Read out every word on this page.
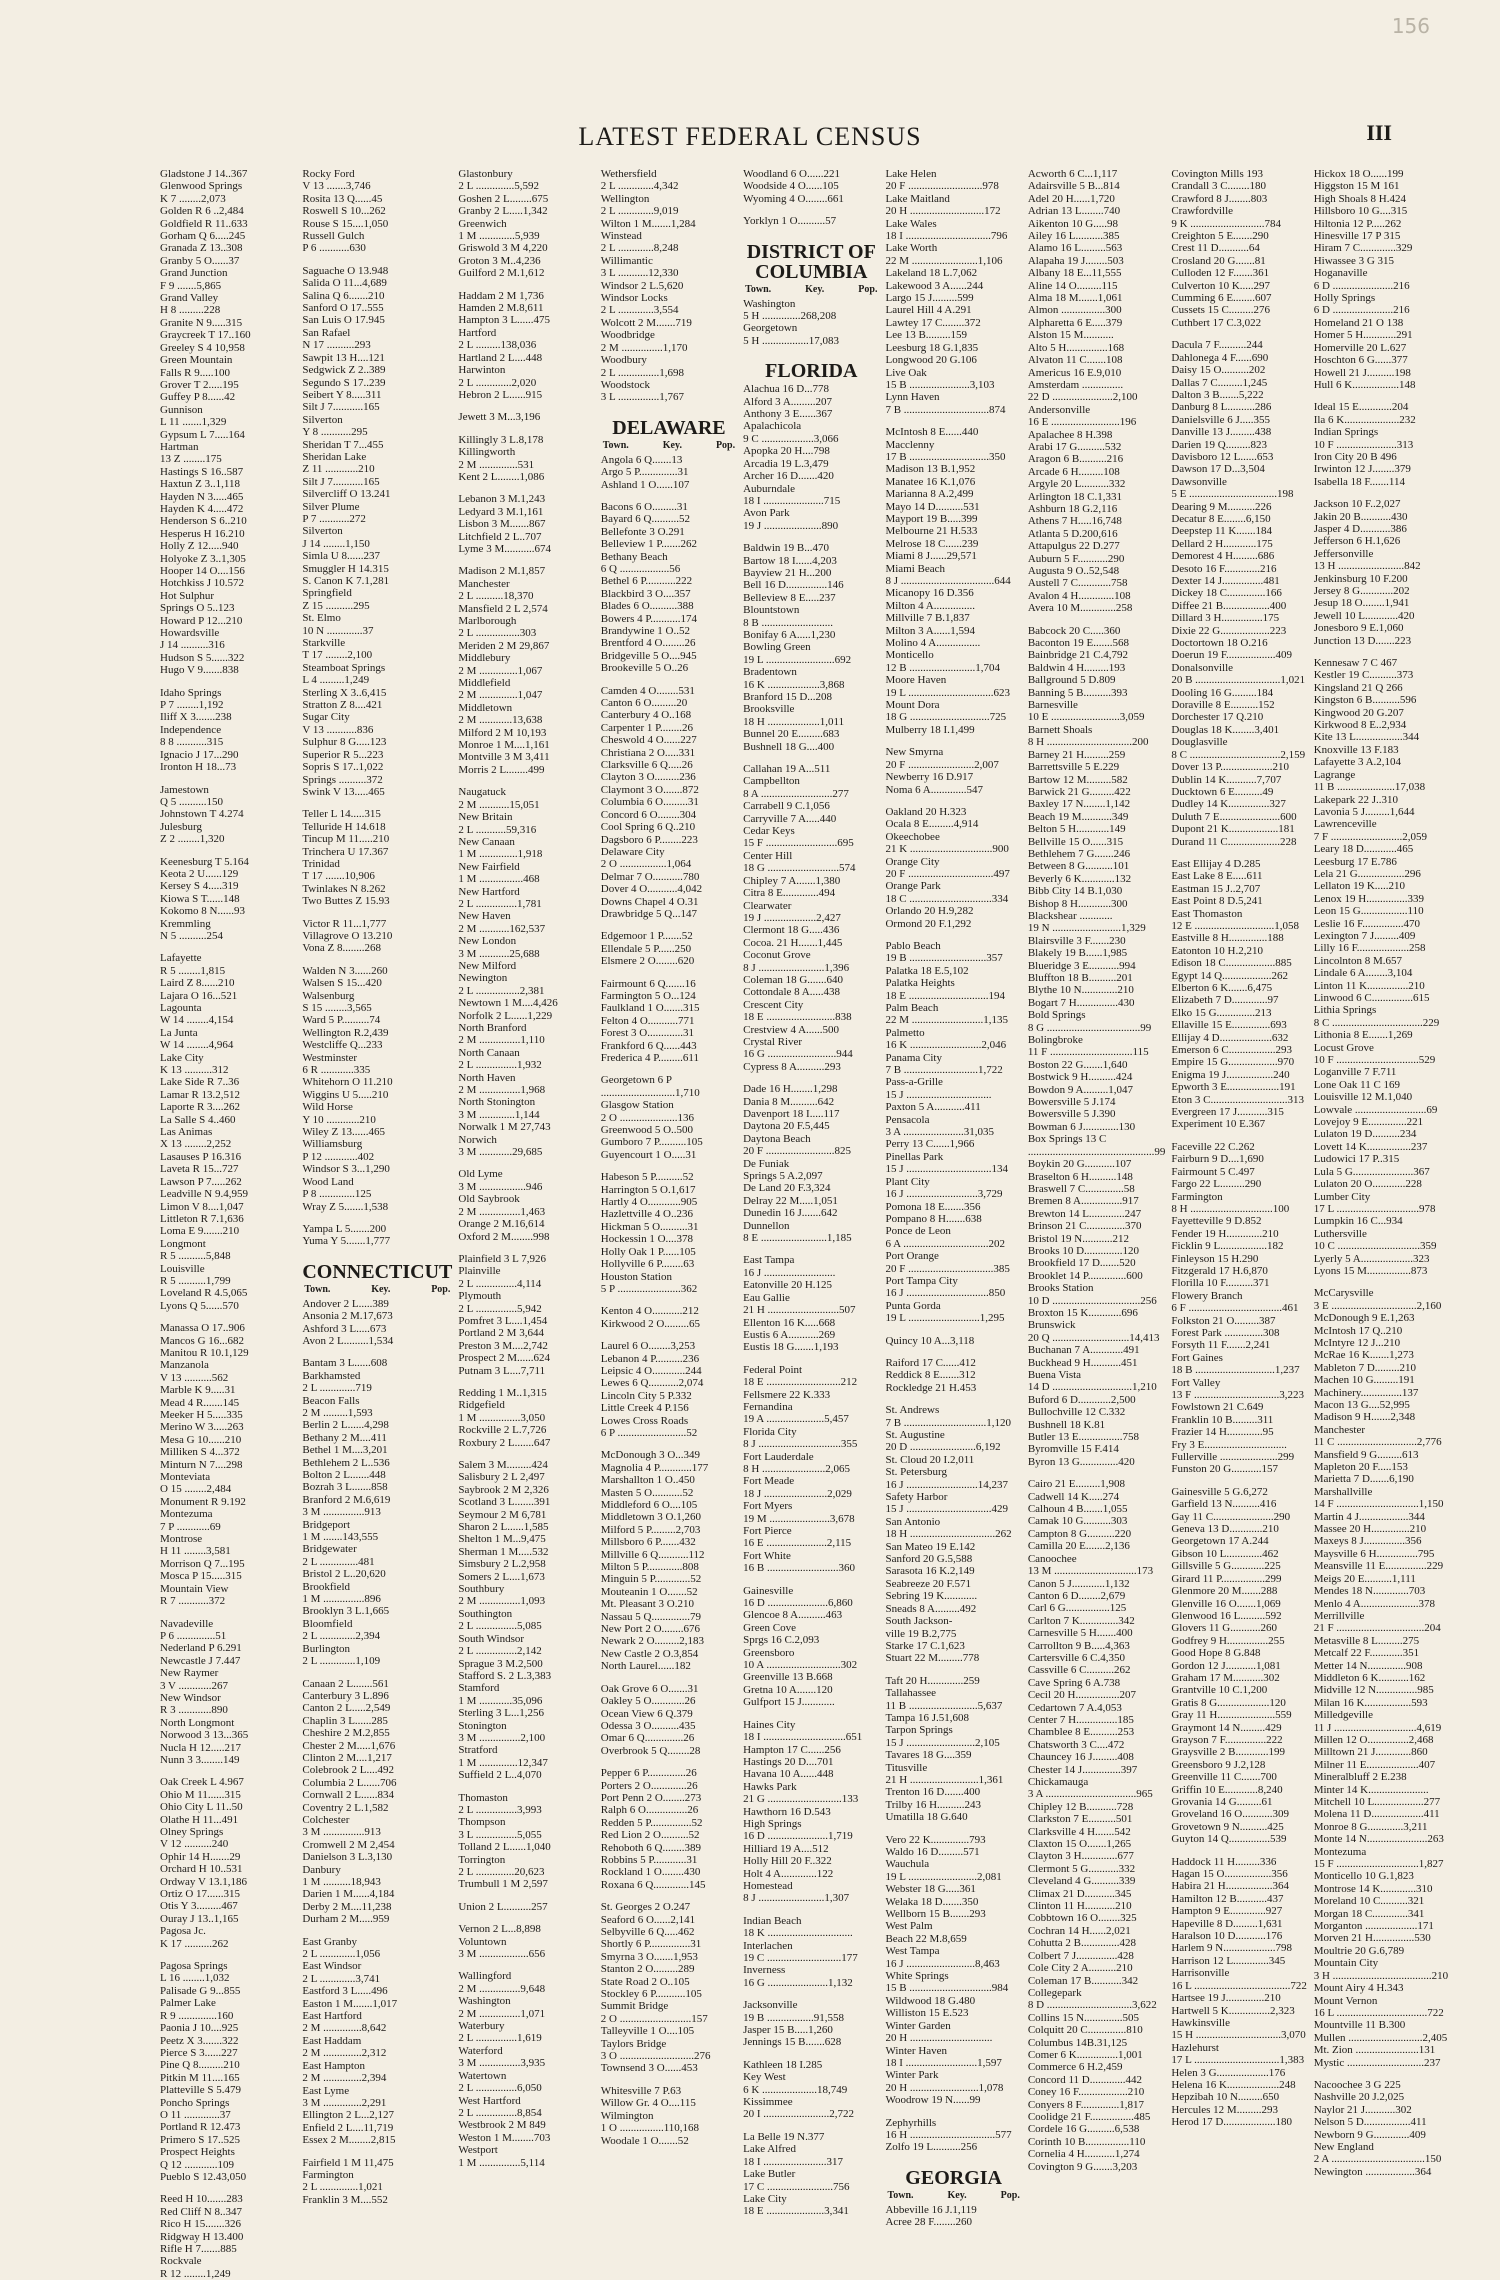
156
LATEST FEDERAL CENSUS	III
Gladstone J 14..367
Glenwood Springs
K 7 ........2,073
Golden R 6 ..2,484
Goldfield R 11..633
Gorham Q 6.....245
Granada Z 13..308
Granby 5 O......37
Grand Junction
F 9 .......5,865
Grand Valley
H 8 .........228
Granite N 9.....315
Graycreek T 17..160
Greeley S 4 10,958
Green Mountain
Falls R 9.....100
Grover T 2.....195
Guffey P 8......42
Gunnison
L 11 .......1,329
Gypsum L 7.....164
Hartman
13 Z ........175
Hastings S 16..587
Haxtun Z 3..1,118
Hayden N 3.....465
Hayden K 4.....472
Henderson S 6..210
Hesperus H 16.210
Holly Z 12.....940
Holyoke Z 3..1,305
Hooper 14 O....156
Hotchkiss J 10.572
Hot Sulphur
Springs O 5..123
Howard P 12...210
Howardsville
J 14 ..........316
Hudson S 5......322
Hugo V 9.......838
Idaho Springs
P 7 ........1,192
Iliff X 3.......238
Independence
8 8 ...........315
Ignacio J 17...290
Ironton H 18...73
Jamestown
Q 5 ..........150
Johnstown T 4.274
Julesburg
Z 2 ........1,320
Keenesburg T 5.164
Keota 2 U......129
Kersey S 4.....319
Kiowa S T......148
Kokomo 8 N......93
Kremmling
N 5 ..........254
Lafayette
R 5 ........1,815
Laird Z 8......210
Lajara O 16...521
Lagounta
W 14 ........4,154
La Junta
W 14 ........4,964
Lake City
K 13 ..........312
Lake Side R 7..36
Lamar R 13.2,512
Laporte R 3....262
La Salle S 4..460
Las Animas
X 13 ........2,252
Lasauses P 16.316
Laveta R 15...727
Lawson P 7.....262
Leadville N 9.4,959
Limon V 8....1,047
Littleton R 7.1,636
Loma E 9.......210
Longmont
R 5 ..........5,848
Louisville
R 5 ..........1,799
Loveland R 4.5,065
Lyons Q 5......570
Manassa O 17..906
Mancos G 16...682
Manitou R 10.1,129
Manzanola
V 13 ..........562
Marble K 9.....31
Mead 4 R.......145
Meeker H 5.....335
Merino W 3.....263
Mesa G 10......210
Milliken S 4...372
Minturn N 7....298
Monteviata
O 15 ........2,484
Monument R 9.192
Montezuma
7 P ............69
Montrose
H 11 ........3,581
Morrison Q 7...195
Mosca P 15.....315
Mountain View
R 7 ...........372
Navadeville
P 6 ..............51
Nederland P 6.291
Newcastle J 7.447
New Raymer
3 V ............267
New Windsor
R 3 ............890
North Longmont
Norwood 3 13...365
Nucla H 12.....217
Nunn 3 3........149
Oak Creek L 4.967
Ohio M 11......315
Ohio City L 11..50
Olathe H 11...491
Olney Springs
V 12 ..........240
Ophir 14 H.......29
Orchard H 10..531
Ordway V 13.1,186
Ortiz O 17......315
Otis Y 3.........467
Ouray J 13..1,165
Pagosa Jc.
K 17 ..........262
Pagosa Springs
L 16 ........1,032
Palisade G 9...855
Palmer Lake
R 9 ..............160
Paonia J 10....925
Peetz X 3.......322
Pierce S 3......227
Pine Q 8.........210
Pitkin M 11....165
Platteville S 5.479
Poncho Springs
O 11 .............37
Portland R 12.473
Primero S 17..525
Prospect Heights
Q 12 ............109
Pueblo S 12.43,050
Reed H 10.......283
Red Cliff N 8..347
Rico H 15.......326
Ridgway H 13.400
Rifle H 7.......885
Rockvale
R 12 ........1,249
Rocky Ford
V 13 .......3,746
Rosita 13 Q......45
Roswell S 10...262
Rouse S 15....1,050
Russell Gulch
P 6 ...........630
Saguache O 13.948
Salida O 11...4,689
Salina Q 6.......210
Sanford O 17..555
San Luis O 17.945
San Rafael
N 17 ..........293
Sawpit 13 H....121
Sedgwick Z 2..389
Segundo S 17..239
Seibert Y 8.....311
Silt J 7...........165
Silverton
Y 8 ...........295
Sheridan T 7...455
Sheridan Lake
Z 11 ............210
Silt J 7...........165
Silvercliff O 13.241
Silver Plume
P 7 ...........272
Silverton
J 14 ........1,150
Simla U 8......237
Smuggler H 14.315
S. Canon K 7.1,281
Springfield
Z 15 ..........295
St. Elmo
10 N .............37
Starkville
T 17 ........2,100
Steamboat Springs
L 4 .........1,249
Sterling X 3..6,415
Stratton Z 8....421
Sugar City
V 13 ...........836
Sulphur 8 G.....123
Superior R 5...223
Sopris S 17..1,022
Springs ..........372
Swink V 13.....465
Teller L 14.....315
Telluride H 14.618
Tincup M 11.....210
Trinchera U 17.367
Trinidad
T 17 .......10,906
Twinlakes N 8.262
Two Buttes Z 15.93
Victor R 11...1,777
Villagrove O 13.210
Vona Z 8........268
Walden N 3......260
Walsen S 15...420
Walsenburg
S 15 ........3,565
Ward 5 P..........74
Wellington R.2,439
Westcliffe Q...233
Westminster
6 R ............335
Whitehorn O 11.210
Wiggins U 5.....210
Wild Horse
Y 10 ............210
Wiley Z 13......465
Williamsburg
P 12 ............402
Windsor S 3...1,290
Wood Land
P 8 .............125
Wray Z 5.......1,538
Yampa L 5.......200
Yuma Y 5.......1,777
CONNECTICUT
Town.	Key.	Pop.
Andover 2 L.....389
Ansonia 2 M.17,673
Ashford 3 L.....673
Avon 2 L.........1,534
Bantam 3 L......608
Barkhamsted
2 L .............719
Beacon Falls
2 M .........1,593
Berlin 2 L......4,298
Bethany 2 M....411
Bethel 1 M....3,201
Bethlehem 2 L..536
Bolton 2 L.......448
Bozrah 3 L.......858
Branford 2 M.6,619
3 M ...............913
Bridgeport
1 M .......143,555
Bridgewater
2 L ..............481
Bristol 2 L..20,620
Brookfield
1 M ...............896
Brooklyn 3 L.1,665
Bloomfield
2 L .............2,394
Burlington
2 L .............1,109
Canaan 2 L.......561
Canterbury 3 L.896
Canton 2 L.....2,549
Chaplin 3 L......285
Cheshire 2 M.2,855
Chester 2 M.....1,676
Clinton 2 M....1,217
Colebrook 2 L....492
Columbia 2 L......706
Cornwall 2 L......834
Coventry 2 L.1,582
Colchester
3 M ...............913
Cromwell 2 M 2,454
Danielson 3 L.3,130
Danbury
1 M ..........18,943
Darien 1 M......4,184
Derby 2 M....11,238
Durham 2 M.....959
East Granby
2 L .............1,056
East Windsor
2 L .............3,741
Eastford 3 L.....496
Easton 1 M.......1,017
East Hartford
2 M ..............8,642
East Haddam
2 M ..............2,312
East Hampton
2 M ..............2,394
East Lyme
3 M ..............2,291
Ellington 2 L...2,127
Enfield 2 L....11,719
Essex 2 M........2,815
Fairfield 1 M 11,475
Farmington
2 L ..............1,021
Franklin 3 M....552
Glastonbury
2 L ..............5,592
Goshen 2 L........675
Granby 2 L.....1,342
Greenwich
1 M .............5,939
Griswold 3 M 4,220
Groton 3 M..4,236
Guilford 2 M.1,612
Haddam 2 M 1,736
Hamden 2 M.8,611
Hampton 3 L......475
Hartford
2 L .........138,036
Hartland 2 L....448
Harwinton
2 L .............2,020
Hebron 2 L......915
Jewett 3 M...3,196
Killingly 3 L.8,178
Killingworth
2 M ..............531
Kent 2 L........1,086
Lebanon 3 M.1,243
Ledyard 3 M.1,161
Lisbon 3 M.......867
Litchfield 2 L..707
Lyme 3 M...........674
Madison 2 M.1,857
Manchester
2 L ..........18,370
Mansfield 2 L 2,574
Marlborough
2 L ................303
Meriden 2 M 29,867
Middlebury
2 M ..............1,067
Middlefield
2 M ..............1,047
Middletown
2 M ............13,638
Milford 2 M 10,193
Monroe 1 M....1,161
Montville 3 M 3,411
Morris 2 L........499
Naugatuck
2 M ...........15,051
New Britain
2 L ...........59,316
New Canaan
1 M ..............1,918
New Fairfield
1 M ................468
New Hartford
2 L ...............1,781
New Haven
2 M ...........162,537
New London
3 M ...........25,688
New Milford
Newington
2 L ................2,381
Newtown 1 M....4,426
Norfolk 2 L......1,229
North Branford
2 M ...............1,110
North Canaan
2 L ...............1,932
North Haven
2 M ...............1,968
North Stonington
3 M .............1,144
Norwalk 1 M 27,743
Norwich
3 M ............29,685
Old Lyme
3 M .................946
Old Saybrook
2 M ...............1,463
Orange 2 M.16,614
Oxford 2 M........998
Plainfield 3 L 7,926
Plainville
2 L ...............4,114
Plymouth
2 L ...............5,942
Pomfret 3 L....1,454
Portland 2 M 3,644
Preston 3 M....2,742
Prospect 2 M......624
Putnam 3 L....7,711
Redding 1 M..1,315
Ridgefield
1 M ...............3,050
Rockville 2 L.7,726
Roxbury 2 L.......647
Salem 3 M.........424
Salisbury 2 L 2,497
Saybrook 2 M 2,326
Scotland 3 L.......391
Seymour 2 M 6,781
Sharon 2 L......1,585
Shelton 1 M...9,475
Sherman 1 M.....532
Simsbury 2 L.2,958
Somers 2 L....1,673
Southbury
2 M ...............1,093
Southington
2 L ...............5,085
South Windsor
2 L ...............2,142
Sprague 3 M.2,500
Stafford S. 2 L.3,383
Stamford
1 M ............35,096
Sterling 3 L...1,256
Stonington
3 M ...............2,100
Stratford
1 M ..............12,347
Suffield 2 L..4,070
Thomaston
2 L ...............3,993
Thompson
3 L ...............5,055
Tolland 2 L......1,040
Torrington
2 L ..............20,623
Trumbull 1 M 2,597
Union 2 L..........257
Vernon 2 L...8,898
Voluntown
3 M ..................656
Wallingford
2 M ...............9,648
Washington
2 M ...............1,071
Waterbury
2 L ...............1,619
Waterford
3 M ...............3,935
Watertown
2 L ...............6,050
West Hartford
2 L ...............8,854
Westbrook 2 M 849
Weston 1 M........703
Westport
1 M ...............5,114
Wethersfield
2 L .............4,342
Wellington
2 L .............9,019
Wilton 1 M.......1,284
Winstead
2 L .............8,248
Willimantic
3 L ...........12,330
Windsor 2 L.5,620
Windsor Locks
2 L .............3,554
Wolcott 2 M.......719
Woodbridge
2 M ...............1,170
Woodbury
2 L ...............1,698
Woodstock
3 L ...............1,767
DELAWARE
Town.	Key.	Pop.
Angola 6 Q.......13
Argo 5 P..............31
Ashland 1 O......107
Bacons 6 O.........31
Bayard 6 Q..........52
Bellefonte 3 O.291
Belleview 1 P.......262
Bethany Beach
6 Q ..................56
Bethel 6 P...........222
Blackbird 3 O....357
Blades 6 O..........388
Bowers 4 P...........174
Brandywine 1 O..52
Brentford 4 O........26
Bridgeville 5 O....945
Brookeville 5 O..26
Camden 4 O........531
Canton 6 O.........20
Canterbury 4 O..168
Carpenter 1 P........26
Cheswold 4 O......227
Christiana 2 O.....331
Clarksville 6 Q.....26
Clayton 3 O.........236
Claymont 3 O.......872
Columbia 6 O.........31
Concord 6 O........304
Cool Spring 6 Q..210
Dagsboro 6 P........223
Delaware City
2 O .................1,064
Delmar 7 O...........780
Dover 4 O...........4,042
Downs Chapel 4 O.31
Drawbridge 5 Q...147
Edgemoor 1 P.......52
Ellendale 5 P......250
Elsmere 2 O........620
Fairmount 6 Q.......16
Farmington 5 O...124
Faulkland 1 O.......315
Felton 4 O...........771
Forest 3 O.............31
Frankford 6 Q......443
Frederica 4 P.........611
Georgetown 6 P
...........................1,710
Glasgow Station
2 O .....................136
Greenwood 5 O..500
Gumboro 7 P..........105
Guyencourt 1 O.....31
Habeson 5 P..........52
Harrington 5 O.1,617
Hartly 4 O............905
Hazlettville 4 O..236
Hickman 5 O..........31
Hockessin 1 O....378
Holly Oak 1 P......105
Hollyville 6 P........63
Houston Station
5 P .......................362
Kenton 4 O...........212
Kirkwood 2 O.........65
Laurel 6 O........3,253
Lebanon 4 P..........236
Leipsic 4 O............244
Lewes 6 Q...........2,074
Lincoln City 5 P.332
Little Creek 4 P.156
Lowes Cross Roads
6 P .........................52
McDonough 3 O...349
Magnolia 4 P............177
Marshallton 1 O..450
Masten 5 O...........52
Middleford 6 O....105
Middletown 3 O.1,260
Milford 5 P.........2,703
Millsboro 6 P.......432
Millville 6 Q...........112
Milton 5 P.............808
Minguin 5 P.............52
Mouteanin 1 O.......52
Mt. Pleasant 3 O.210
Nassau 5 Q..............79
New Port 2 O........676
Newark 2 O.........2,183
New Castle 2 O.3,854
North Laurel......182
Oak Grove 6 O.......31
Oakley 5 O............26
Ocean View 6 Q.379
Odessa 3 O..........435
Omar 6 Q..............26
Overbrook 5 Q........28
Pepper 6 P..............26
Porters 2 O.............26
Port Penn 2 O........273
Ralph 6 O...............26
Redden 5 P...............52
Red Lion 2 O..........52
Rehoboth 6 Q........389
Robbins 5 P............31
Rockland 1 O........430
Roxana 6 Q.............145
St. Georges 2 O.247
Seaford 6 O......2,141
Selbyville 6 Q.....462
Shortly 6 P...............31
Smyrna 3 O.......1,953
Stanton 2 O.........289
State Road 2 O..105
Stockley 6 P...........105
Summit Bridge
2 O ..........................157
Talleyville 1 O....105
Taylors Bridge
3 O ...........................276
Townsend 3 O......453
Whitesville 7 P.63
Willow Gr. 4 O....115
Wilmington
1 O ................110,168
Woodale 1 O.......52
Woodland 6 O......221
Woodside 4 O......105
Wyoming 4 O........661
Yorklyn 1 O..........57
DISTRICT OF COLUMBIA
Town.	Key.	Pop.
Washington
5 H ..............268,208
Georgetown
5 H .................17,083
FLORIDA
Alachua 16 D...778
Alford 3 A.........207
Anthony 3 E......367
Apalachicola
9 C ...................3,066
Apopka 20 H....798
Arcadia 19 L.3,479
Archer 16 D.......420
Auburndale
18 I ......................715
Avon Park
19 J .....................890
Baldwin 19 B...470
Bartow 18 I......4,203
Bayview 21 H...200
Bell 16 D...............146
Belleview 8 E.....237
Blountstown
8 B ..........................
Bonifay 6 A.....1,230
Bowling Green
19 L .........................692
Bradentown
16 K ...................3,868
Branford 15 D...208
Brooksville
18 H ...................1,011
Bunnel 20 E.........683
Bushnell 18 G....400
Callahan 19 A...511
Campbellton
8 A ..........................277
Carrabell 9 C.1,056
Carryville 7 A.....440
Cedar Keys
15 F ..........................695
Center Hill
18 G ..........................574
Chipley 7 A.......1,380
Citra 8 E.............494
Clearwater
19 J ...................2,427
Clermont 18 G.....436
Cocoa. 21 H.......1,445
Coconut Grove
8 J ........................1,396
Coleman 18 G.......640
Cottondale 8 A.....438
Crescent City
18 E .........................838
Crestview 4 A......500
Crystal River
16 G .........................944
Cypress 8 A..........293
Dade 16 H........1,298
Dania 8 M..........642
Davenport 18 I.....117
Daytona 20 F.5,445
Daytona Beach
20 F .........................825
De Funiak
Springs 5 A.2,097
De Land 20 F.3,324
Delray 22 M.....1,051
Dunedin 16 J.......642
Dunnellon
8 E ........................1,185
East Tampa
16 J ..........................
Eatonville 20 H.125
Eau Gallie
21 H ..........................507
Ellenton 16 K.....668
Eustis 6 A...........269
Eustis 18 G.......1,193
Federal Point
18 E ...........................212
Fellsmere 22 K.333
Fernandina
19 A .....................5,457
Florida City
8 J ..............................355
Fort Lauderdale
8 H .......................2,065
Fort Meade
18 J .......................2,029
Fort Myers
19 M ......................3,678
Fort Pierce
16 E ......................2,115
Fort White
16 B ..........................360
Gainesville
16 D ......................6,860
Glencoe 8 A..........463
Green Cove
Sprgs 16 C.2,093
Greensboro
10 A ...........................302
Greenville 13 B.668
Gretna 10 A.......120
Gulfport 15 J............
Haines City
18 I ..............................651
Hampton 17 C......256
Hastings 20 D....701
Havana 10 A......448
Hawks Park
21 G ...........................133
Hawthorn 16 D.543
High Springs
16 D ......................1,719
Hilliard 19 A....512
Holly Hill 20 F..322
Holt 4 A.............122
Homestead
8 J ........................1,307
Indian Beach
18 K ...............................
Interlachen
19 C ...........................177
Inverness
16 G ......................1,132
Jacksonville
19 B .................91,558
Jasper 15 B.....1,260
Jennings 15 B.......628
Kathleen 18 I.285
Key West
6 K ....................18,749
Kissimmee
20 I ........................2,722
La Belle 19 N.377
Lake Alfred
18 I .......................317
Lake Butler
17 C ........................756
Lake City
18 E .....................3,341
Lake Helen
20 F ...........................978
Lake Maitland
20 H ...........................172
Lake Wales
18 I ...............................796
Lake Worth
22 M ........................1,106
Lakeland 18 L.7,062
Lakewood 3 A......244
Largo 15 J.........599
Laurel Hill 4 A.291
Lawtey 17 C........372
Lee 13 B.........159
Leesburg 18 G.1,835
Longwood 20 G.106
Live Oak
15 B ......................3,103
Lynn Haven
7 B ...............................874
McIntosh 8 E......440
Macclenny
17 B .............................350
Madison 13 B.1,952
Manatee 16 K.1,076
Marianna 8 A.2,499
Mayo 14 D..........531
Mayport 19 B.....399
Melbourne 21 H.533
Melrose 18 C......239
Miami 8 J......29,571
Miami Beach
8 J ..................................644
Micanopy 16 D.356
Milton 4 A...............
Millville 7 B.1,837
Milton 3 A......1,594
Molino 4 A................
Monticello
12 B ........................1,704
Moore Haven
19 L ...............................623
Mount Dora
18 G .............................725
Mulberry 18 I.1,499
New Smyrna
20 F ........................2,007
Newberry 16 D.917
Noma 6 A.............547
Oakland 20 H.323
Ocala 8 E.........4,914
Okeechobee
21 K ..............................900
Orange City
20 F ...............................497
Orange Park
18 C ..............................334
Orlando 20 H.9,282
Ormond 20 F.1,292
Pablo Beach
19 B ............................357
Palatka 18 E.5,102
Palatka Heights
18 E .............................194
Palm Beach
22 M ..........................1,135
Palmetto
16 K ..........................2,046
Panama City
7 B ...........................1,722
Pass-a-Grille
15 J ...............................
Paxton 5 A...........411
Pensacola
3 A ......................31,035
Perry 13 C......1,966
Pinellas Park
15 J ...............................134
Plant City
16 J ..........................3,729
Pomona 18 E.......356
Pompano 8 H.......638
Ponce de Leon
6 A ...............................202
Port Orange
20 F ...............................385
Port Tampa City
16 J ..............................850
Punta Gorda
19 L ..........................1,295
Quincy 10 A...3,118
Raiford 17 C......412
Reddick 8 E.......312
Rockledge 21 H.453
St. Andrews
7 B ..............................1,120
St. Augustine
20 D ........................6,192
St. Cloud 20 I.2,011
St. Petersburg
16 J ..........................14,237
Safety Harbor
15 J ...............................429
San Antonio
18 H ...............................262
San Mateo 19 E.142
Sanford 20 G.5,588
Sarasota 16 K.2,149
Seabreeze 20 F.571
Sebring 19 K............
Sneads 8 A.........492
South Jackson-
ville 19 B.2,775
Starke 17 C.1,623
Stuart 22 M.........778
Taft 20 H.............259
Tallahassee
11 B .........................5,637
Tampa 16 J.51,608
Tarpon Springs
15 J .........................2,105
Tavares 18 G....359
Titusville
21 H .........................1,361
Trenton 16 D.......400
Trilby 16 H..........243
Umatilla 18 G.640
Vero 22 K..............793
Waldo 16 D.........571
Wauchula
19 L .........................2,081
Webster 18 G.....361
Welaka 18 D.......350
Wellborn 15 B.......293
West Palm
Beach 22 M.8,659
West Tampa
16 J .........................8,463
White Springs
15 B ..............................984
Wildwood 18 G.480
Williston 15 E.523
Winter Garden
20 H ..............................
Winter Haven
18 I ..........................1,597
Winter Park
20 H .........................1,078
Woodrow 19 N......99
Zephyrhills
16 H ...............................577
Zolfo 19 L..........256
GEORGIA
Town.	Key.	Pop.
Abbeville 16 J.1,119
Acree 28 F........260
Acworth 6 C...1,117
Adairsville 5 B...814
Adel 20 H......1,720
Adrian 13 L........740
Aikenton 10 G.....98
Ailey 16 L..........385
Alamo 16 L.........563
Alapaha 19 J........503
Albany 18 E...11,555
Aline 14 O.........115
Alma 18 M.......1,061
Almon ................300
Alpharetta 6 E.....379
Alston 15 M...........
Alto 5 H...............168
Alvaton 11 C.......108
Americus 16 E.9,010
Amsterdam ...............
22 D ......................2,100
Andersonville
16 E .........................196
Apalachee 8 H.398
Arabi 17 G..........532
Aragon 6 B..........216
Arcade 6 H.........108
Argyle 20 L..........332
Arlington 18 C.1,331
Ashburn 18 G.2,116
Athens 7 H.....16,748
Atlanta 5 D.200,616
Attapulgus 22 D.277
Auburn 5 F...........290
Augusta 9 O..52,548
Austell 7 C............758
Avalon 4 H.............108
Avera 10 M.............258
Babcock 20 C.....360
Baconton 19 E.......568
Bainbridge 21 C.4,792
Baldwin 4 H.........193
Ballground 5 D.809
Banning 5 B..........393
Barnesville
10 E .........................3,059
Barnett Shoals
8 H ...............................200
Barney 21 H.........259
Barrettsville 5 E.229
Bartow 12 M.........582
Barwick 21 G.........422
Baxley 17 N........1,142
Beach 19 M...........349
Belton 5 H............149
Bellville 15 O......315
Bethlehem 7 G.......246
Between 8 G..........101
Beverly 6 K............132
Bibb City 14 B.1,030
Bishop 8 H............300
Blackshear ............
19 N .........................1,329
Blairsville 3 F.......230
Blakely 19 B......1,985
Blueridge 3 E...........994
Bluffton 18 B..........201
Blythe 10 N.............210
Bogart 7 H...............430
Bold Springs
8 G ..................................99
Bolingbroke
11 F ..............................115
Boston 22 G.......1,640
Bostwick 9 H..........424
Bowdon 9 A.........1,047
Bowersville 5 J.174
Bowersville 5 J.390
Bowman 6 J.............130
Box Springs 13 C
..............................................99
Boykin 20 G...........107
Braselton 6 H..........148
Braswell 7 C..............58
Bremen 8 A...............917
Brewton 14 L.............247
Brinson 21 C..............370
Bristol 19 N...........212
Brooks 10 D..............120
Brookfield 17 D.......520
Brooklet 14 P..............600
Brooks Station
10 D ................................256
Broxton 15 K............696
Brunswick
20 Q ............................14,413
Buchanan 7 A............491
Buckhead 9 H...........451
Buena Vista
14 D .............................1,210
Buford 6 D............2,500
Bullochville 12 C.332
Bushnell 18 K.81
Butler 13 E................758
Byromville 15 F.414
Byron 13 G..............420
Cairo 21 E.........1,908
Cadwell 14 K.....274
Calhoun 4 B.......1,055
Camak 10 G..........303
Campton 8 G..........220
Camilla 20 E.......2,136
Canoochee
13 M ..............................173
Canon 5 J............1,132
Canton 6 D........2,679
Carl 6 G................125
Carlton 7 K..............342
Carnesville 5 H.......400
Carrollton 9 B.....4,363
Cartersville 6 C.4,350
Cassville 6 C..........262
Cave Spring 6 A.738
Cecil 20 H................207
Cedartown 7 A.4,053
Center 7 H...............185
Chamblee 8 E..........253
Chatsworth 3 C....472
Chauncey 16 J.........408
Chester 14 J..............397
Chickamauga
3 A .................................965
Chipley 12 B...........728
Clarkston 7 E..........501
Clarksville 4 H.......542
Claxton 15 O.......1,265
Clayton 3 H.............677
Clermont 5 G...........332
Cleveland 4 G..........339
Climax 21 D...........345
Clinton 11 H...........210
Cobbtown 16 O........325
Cochran 14 H......2,021
Cohutta 2 B..............428
Colbert 7 J...............428
Cole City 2 A..........210
Coleman 17 B...........342
Collegepark
8 D ...............................3,622
Collins 15 N..............505
Colquitt 20 C..............810
Columbus 14B.31,125
Comer 6 K...............1,001
Commerce 6 H.2,459
Concord 11 D.............442
Coney 16 F..................210
Conyers 8 F..............1,817
Coolidge 21 F................485
Cordele 16 G..........6,538
Corinth 10 B................110
Cornelia 4 H...........1,274
Covington 9 G.......3,203
Covington Mills 193
Crandall 3 C........180
Crawford 8 J........803
Crawfordville
9 K ...........................784
Creighton 5 E.......290
Crest 11 D...........64
Crosland 20 G.......81
Culloden 12 F.......361
Culverton 10 K.....297
Cumming 6 E........607
Cussets 15 C.........276
Cuthbert 17 C.3,022
Dacula 7 F..........244
Dahlonega 4 F......690
Daisy 15 O..........202
Dallas 7 C.........1,245
Dalton 3 B.......5,222
Danburg 8 L..........286
Danielsville 6 J.....355
Danville 13 J.........438
Darien 19 Q.........823
Davisboro 12 L......653
Dawson 17 D...3,504
Dawsonville
5 E ................................198
Dearing 9 M..........226
Decatur 8 E........6,150
Deepstep 11 K.......184
Dellard 2 H............175
Demorest 4 H.........686
Desoto 16 F.............216
Dexter 14 J...............481
Dickey 18 C..............166
Diffee 21 B.................400
Dillard 3 H...............175
Dixie 22 G..................223
Doctortown 18 O.216
Doerun 19 F..................409
Donalsonville
20 B ...............................1,021
Dooling 16 G.........184
Doraville 8 E..........152
Dorchester 17 Q.210
Douglas 18 K........3,401
Douglasville
8 C .................................2,159
Dover 13 P...................210
Dublin 14 K...........7,707
Ducktown 6 E..........49
Dudley 14 K...............327
Duluth 7 E......................600
Dupont 21 K..................181
Durand 11 C...................228
East Ellijay 4 D.285
East Lake 8 E.....611
Eastman 15 J..2,707
East Point 8 D.5,241
East Thomaston
12 E .............................1,058
Eastville 8 H..............188
Eatonton 10 H.2,210
Edison 18 C..................885
Egypt 14 Q..................262
Elberton 6 K.......6,475
Elizabeth 7 D.............97
Elko 15 G..............213
Ellaville 15 E..............693
Ellijay 4 D...................632
Emerson 6 C.................293
Empire 15 G..................970
Enigma 19 J.................240
Epworth 3 E...................191
Eton 3 C............................313
Evergreen 17 J...........315
Experiment 10 E.367
Faceville 22 C.262
Fairburn 9 D....1,690
Fairmount 5 C.497
Fargo 22 L.........290
Farmington
8 H ..............................100
Fayetteville 9 D.852
Fender 19 H.............210
Ficklin 9 L.................182
Finleyson 15 H.290
Fitzgerald 17 H.6,870
Florilla 10 F..........371
Flowery Branch
6 F ..................................461
Folkston 21 O.........387
Forest Park ..............308
Forsyth 11 F.......2,241
Fort Gaines
18 B .............................1,237
Fort Valley
13 F ...............................3,223
Fowlstown 21 C.649
Franklin 10 B.........311
Frazier 14 H.............95
Fry 3 E..............................
Fullerville .....................299
Funston 20 G...........157
Gainesville 5 G.6,272
Garfield 13 N..........416
Gay 11 C......................290
Geneva 13 D............210
Georgetown 17 A.244
Gibson 10 L.............462
Gillsville 5 G............225
Girard 11 P................299
Glenmore 20 M.......288
Glenville 16 O.......1,069
Glenwood 16 L.........592
Glovers 11 G...........260
Godfrey 9 H...............255
Good Hope 8 G.848
Gordon 12 J...........1,081
Graham 17 M...........302
Grantville 10 C.1,200
Gratis 8 G...................120
Gray 11 H.....................559
Graymont 14 N.........429
Grayson 7 F...............222
Graysville 2 B............199
Greensboro 9 J.2,128
Greenville 11 C.......700
Griffin 10 E............8,240
Grovania 14 G.........61
Groveland 16 O...........309
Grovetown 9 N..........425
Guyton 14 Q...............539
Haddock 11 H.........336
Hagan 15 O.................356
Habira 21 H.................364
Hamilton 12 B...........437
Hampton 9 E.............927
Hapeville 8 D.........1,631
Haralson 10 D...........176
Harlem 9 N...................798
Harrison 12 L.............345
Harrisonville
16 L ...................................722
Hartsee 19 J..............210
Hartwell 5 K...............2,323
Hawkinsville
15 H ...............................3,070
Hazlehurst
17 L ...............................1,383
Helen 3 G...................176
Helena 16 K...................248
Hepzibah 10 N.........650
Hercules 12 M.........293
Herod 17 D...................180
Hickox 18 O......199
Higgston 15 M 161
High Shoals 8 H.424
Hillsboro 10 G....315
Hiltonia 12 P.....262
Hinesville 17 P 315
Hiram 7 C.............329
Hiwassee 3 G 315
Hoganaville
6 D ......................216
Holly Springs
6 D ......................216
Homeland 21 O 138
Homer 5 H............291
Homerville 20 L.627
Hoschton 6 G......377
Howell 21 J..........198
Hull 6 K.................148
Ideal 15 E............204
Ila 6 K....................232
Indian Springs
10 F ......................313
Iron City 20 B 496
Irwinton 12 J........379
Isabella 18 F.......114
Jackson 10 F..2,027
Jakin 20 B...........430
Jasper 4 D...........386
Jefferson 6 H.1,626
Jeffersonville
13 H ........................842
Jenkinsburg 10 F.200
Jersey 8 G............202
Jesup 18 O........1,941
Jewell 10 L............420
Jonesboro 9 E.1,060
Junction 13 D.......223
Kennesaw 7 C 467
Kestler 19 C..........373
Kingsland 21 Q 266
Kingston 6 B..........596
Kingwood 20 G.207
Kirkwood 8 E..2,934
Kite 13 L.................344
Knoxville 13 F.183
Lafayette 3 A.2,104
Lagrange
11 B .....................17,038
Lakepark 22 J..310
Lavonia 5 J.........1,644
Lawrenceville
7 F ..........................2,059
Leary 18 D............465
Leesburg 17 E.786
Lela 21 G.................296
Lellaton 19 K.....210
Lenox 19 H...............339
Leon 15 G.................110
Leslie 16 F...............470
Lexington 7 J.........409
Lilly 16 F...................258
Lincolnton 8 M.657
Lindale 6 A........3,104
Linton 11 K...............210
Linwood 6 C...............615
Lithia Springs
8 C .................................229
Lithonia 8 E.......1,269
Locust Grove
10 F ..............................529
Loganville 7 F.711
Lone Oak 11 C 169
Louisville 12 M.1,040
Lowvale ..........................69
Lovejoy 9 E..............221
Lulaton 19 D..........234
Lovett 14 K................237
Ludowici 17 P..315
Lula 5 G......................367
Lulaton 20 O............228
Lumber City
17 L ..............................978
Lumpkin 16 C...934
Luthersville
10 C ..............................359
Lyerly 5 A...................323
Lyons 15 M................873
McCarysville
3 E ...............................2,160
McDonough 9 E.1,263
McIntosh 17 Q..210
McIntyre 12 J...210
McRae 16 K.......1,273
Mableton 7 D.........210
Machen 10 G.........191
Machinery...............137
Macon 13 G....52,995
Madison 9 H.......2,348
Manchester
11 C .............................2,776
Mansfield 9 G.........613
Mapleton 20 F.....153
Marietta 7 D.......6,190
Marshallville
14 F ..............................1,150
Martin 4 J..................344
Massee 20 H..............210
Maxeys 8 J...............356
Maysville 6 H...............795
Meansville 11 E...............229
Meigs 20 E..........1,111
Mendes 18 N.............703
Menlo 4 A.....................378
Merrillville
21 F ................................204
Metasville 8 L.........275
Metcalf 22 F............351
Metter 14 N..............908
Middleton 6 K...........162
Midville 12 N...............985
Milan 16 K.................593
Milledgeville
11 J ..............................4,619
Millen 12 O...............2,468
Milltown 21 J.............860
Milner 11 E...................407
Mineralbluff 2 E.238
Minter 14 K......................
Mitchell 10 L..................277
Molena 11 D...................411
Monroe 8 G.............3,211
Monte 14 N......................263
Montezuma
15 F ..............................1,827
Monticello 10 G.1,823
Montrose 14 K.............310
Moreland 10 C..........321
Morgan 18 C.............341
Morganton ...................171
Morven 21 H...............530
Moultrie 20 G.6,789
Mountain City
3 H ....................................210
Mount Airy 4 H.343
Mount Vernon
16 L .................................722
Mountville 11 B.300
Mullen ...........................2,405
Mt. Zion .......................131
Mystic ............................237
Nacoochee 3 G 225
Nashville 20 J.2,025
Naylor 21 J...........302
Nelson 5 D.................411
Newborn 9 G.............409
New England
2 A ..................................150
Newington ..................364
